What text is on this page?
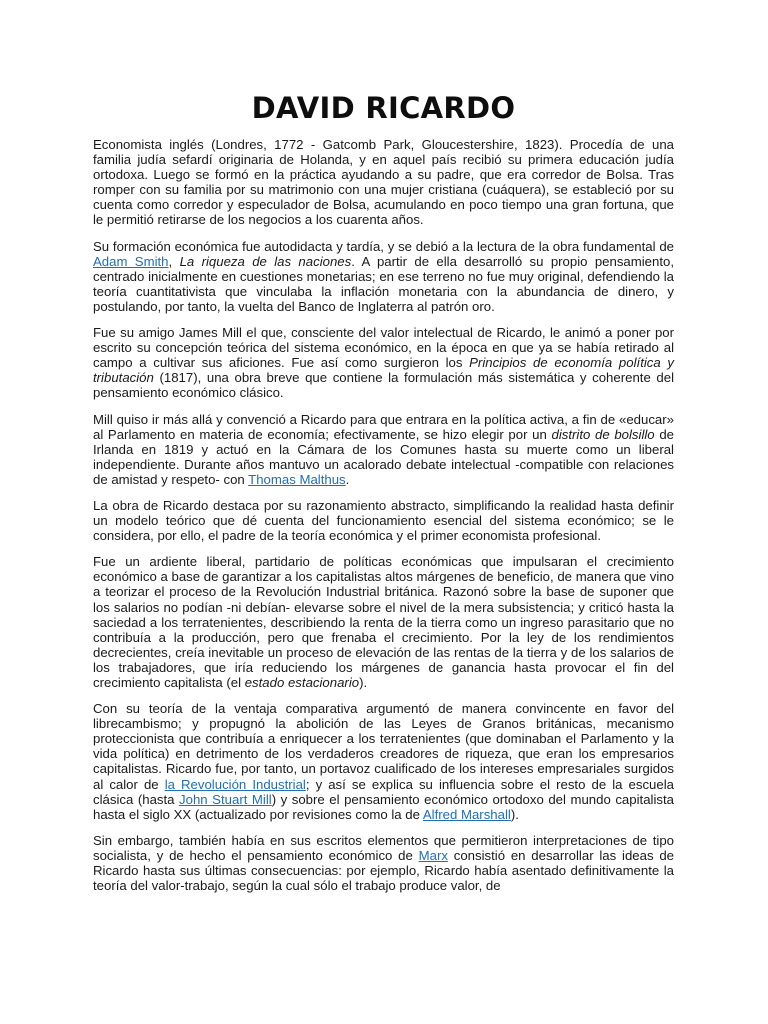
DAVID RICARDO

Economista inglés (Londres, 1772 - Gatcomb Park, Gloucestershire, 1823). Procedía de una familia judía sefardí originaria de Holanda, y en aquel país recibió su primera educación judía ortodoxa. Luego se formó en la práctica ayudando a su padre, que era corredor de Bolsa. Tras romper con su familia por su matrimonio con una mujer cristiana (cuáquera), se estableció por su cuenta como corredor y especulador de Bolsa, acumulando en poco tiempo una gran fortuna, que le permitió retirarse de los negocios a los cuarenta años.

Su formación económica fue autodidacta y tardía, y se debió a la lectura de la obra fundamental de Adam Smith, La riqueza de las naciones. A partir de ella desarrolló su propio pensamiento, centrado inicialmente en cuestiones monetarias; en ese terreno no fue muy original, defendiendo la teoría cuantitativista que vinculaba la inflación monetaria con la abundancia de dinero, y postulando, por tanto, la vuelta del Banco de Inglaterra al patrón oro.

Fue su amigo James Mill el que, consciente del valor intelectual de Ricardo, le animó a poner por escrito su concepción teórica del sistema económico, en la época en que ya se había retirado al campo a cultivar sus aficiones. Fue así como surgieron los Principios de economía política y tributación (1817), una obra breve que contiene la formulación más sistemática y coherente del pensamiento económico clásico.

Mill quiso ir más allá y convenció a Ricardo para que entrara en la política activa, a fin de «educar» al Parlamento en materia de economía; efectivamente, se hizo elegir por un distrito de bolsillo de Irlanda en 1819 y actuó en la Cámara de los Comunes hasta su muerte como un liberal independiente. Durante años mantuvo un acalorado debate intelectual -compatible con relaciones de amistad y respeto- con Thomas Malthus.

La obra de Ricardo destaca por su razonamiento abstracto, simplificando la realidad hasta definir un modelo teórico que dé cuenta del funcionamiento esencial del sistema económico; se le considera, por ello, el padre de la teoría económica y el primer economista profesional.

Fue un ardiente liberal, partidario de políticas económicas que impulsaran el crecimiento económico a base de garantizar a los capitalistas altos márgenes de beneficio, de manera que vino a teorizar el proceso de la Revolución Industrial británica. Razonó sobre la base de suponer que los salarios no podían -ni debían- elevarse sobre el nivel de la mera subsistencia; y criticó hasta la saciedad a los terratenientes, describiendo la renta de la tierra como un ingreso parasitario que no contribuía a la producción, pero que frenaba el crecimiento. Por la ley de los rendimientos decrecientes, creía inevitable un proceso de elevación de las rentas de la tierra y de los salarios de los trabajadores, que iría reduciendo los márgenes de ganancia hasta provocar el fin del crecimiento capitalista (el estado estacionario).

Con su teoría de la ventaja comparativa argumentó de manera convincente en favor del librecambismo; y propugnó la abolición de las Leyes de Granos británicas, mecanismo proteccionista que contribuía a enriquecer a los terratenientes (que dominaban el Parlamento y la vida política) en detrimento de los verdaderos creadores de riqueza, que eran los empresarios capitalistas. Ricardo fue, por tanto, un portavoz cualificado de los intereses empresariales surgidos al calor de la Revolución Industrial; y así se explica su influencia sobre el resto de la escuela clásica (hasta John Stuart Mill) y sobre el pensamiento económico ortodoxo del mundo capitalista hasta el siglo XX (actualizado por revisiones como la de Alfred Marshall).

Sin embargo, también había en sus escritos elementos que permitieron interpretaciones de tipo socialista, y de hecho el pensamiento económico de Marx consistió en desarrollar las ideas de Ricardo hasta sus últimas consecuencias: por ejemplo, Ricardo había asentado definitivamente la teoría del valor-trabajo, según la cual sólo el trabajo produce valor, de
